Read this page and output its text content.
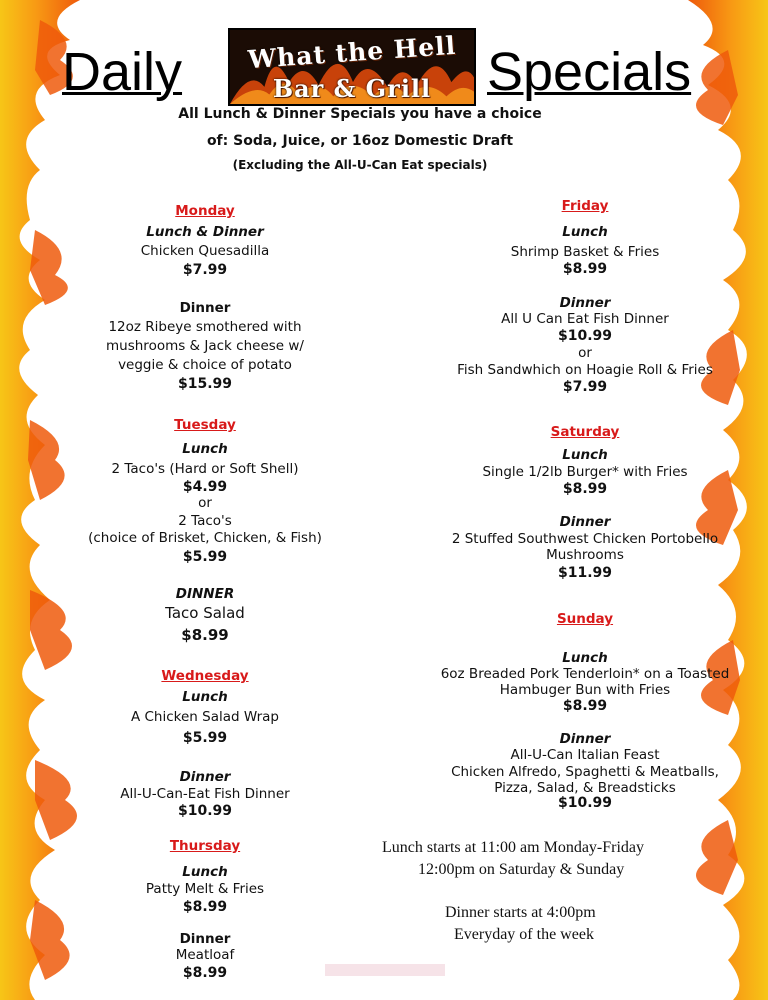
Daily	What the Hell
Bar & Grill	Specials
All Lunch & Dinner Specials you have a choice
of: Soda, Juice, or 16oz Domestic Draft
(Excluding the All-U-Can Eat specials)
Monday
Lunch & Dinner
Chicken Quesadilla
$7.99
Dinner
12oz Ribeye smothered with
mushrooms & Jack cheese w/
veggie & choice of potato
$15.99
Tuesday
Lunch
2 Taco's (Hard or Soft Shell)
$4.99
or
2 Taco's
(choice of Brisket, Chicken, & Fish)
$5.99
DINNER
Taco Salad
$8.99
Wednesday
Lunch
A Chicken Salad Wrap
$5.99
Dinner
All-U-Can-Eat Fish Dinner
$10.99
Thursday
Lunch
Patty Melt & Fries
$8.99
Dinner
Meatloaf
$8.99
Friday
Lunch
Shrimp Basket & Fries
$8.99
Dinner
All U Can Eat Fish Dinner
$10.99
or
Fish Sandwhich on Hoagie Roll & Fries
$7.99
Saturday
Lunch
Single 1/2lb Burger* with Fries
$8.99
Dinner
2 Stuffed Southwest Chicken Portobello
Mushrooms
$11.99
Sunday
Lunch
6oz Breaded Pork Tenderloin* on a Toasted
Hambuger Bun with Fries
$8.99
Dinner
All-U-Can Italian Feast
Chicken Alfredo, Spaghetti & Meatballs,
Pizza, Salad, & Breadsticks
$10.99
Lunch starts at 11:00 am Monday-Friday
12:00pm on Saturday & Sunday
Dinner starts at 4:00pm
Everyday of the week
